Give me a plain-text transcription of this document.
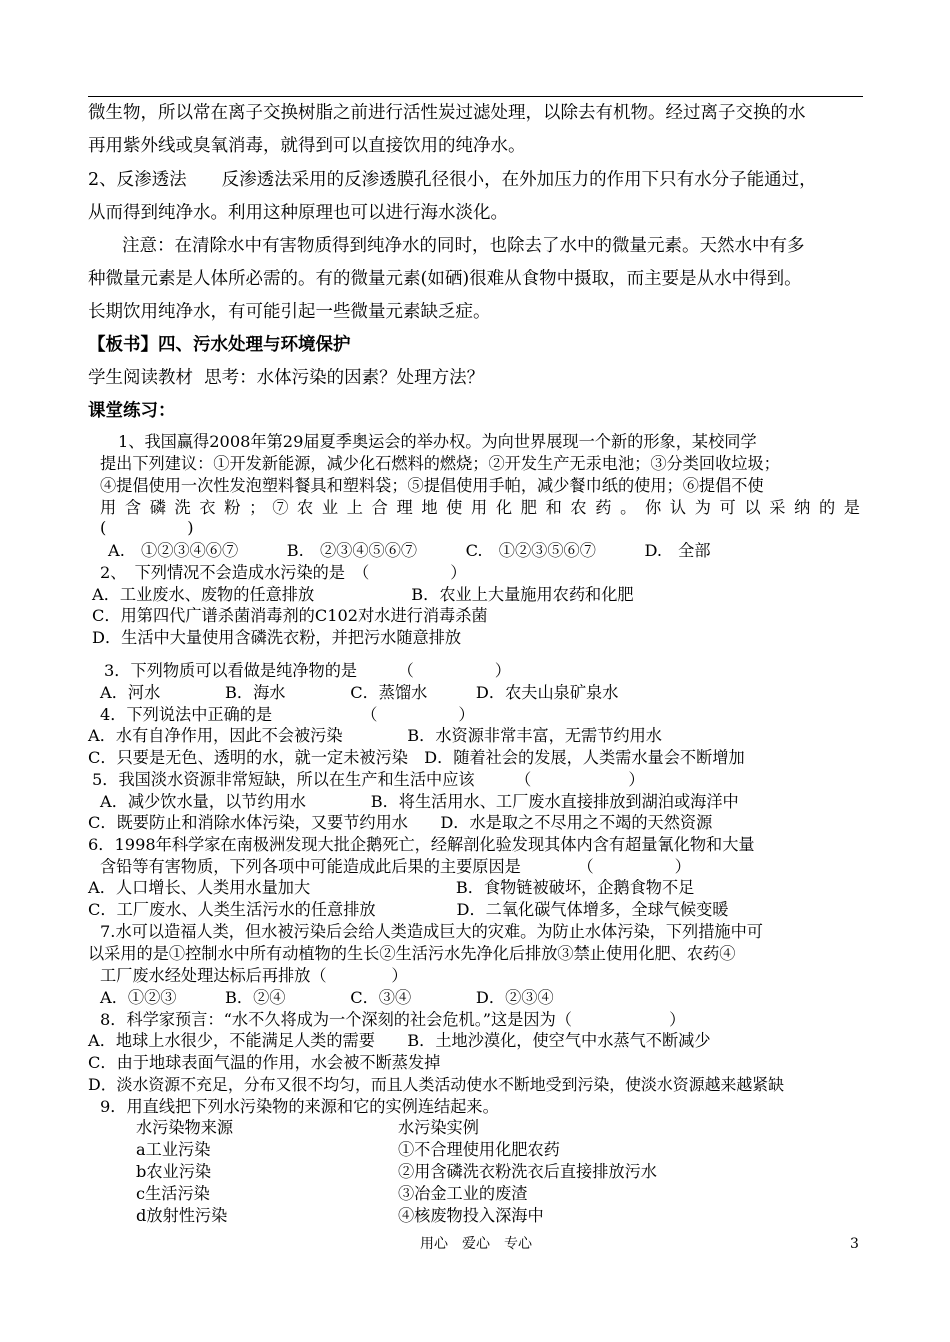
微生物，所以常在离子交换树脂之前进行活性炭过滤处理，以除去有机物。经过离子交换的水
再用紫外线或臭氧消毒，就得到可以直接饮用的纯净水。
2、反渗透法　　反渗透法采用的反渗透膜孔径很小，在外加压力的作用下只有水分子能通过，
从而得到纯净水。利用这种原理也可以进行海水淡化。
注意：在清除水中有害物质得到纯净水的同时，也除去了水中的微量元素。天然水中有多
种微量元素是人体所必需的。有的微量元素(如硒)很难从食物中摄取，而主要是从水中得到。
长期饮用纯净水，有可能引起一些微量元素缺乏症。
【板书】四、污水处理与环境保护
学生阅读教材  思考：水体污染的因素？处理方法？
课堂练习：
1、我国赢得2008年第29届夏季奥运会的举办权。为向世界展现一个新的形象，某校同学
提出下列建议：①开发新能源，减少化石燃料的燃烧；②开发生产无汞电池；③分类回收垃圾；
④提倡使用一次性发泡塑料餐具和塑料袋；⑤提倡使用手帕，减少餐巾纸的使用；⑥提倡不使
用 含 磷 洗 衣 粉 ； ⑦ 农 业 上 合 理 地 使 用 化 肥 和 农 药 。 你 认 为 可 以 采 纳 的 是
(　　　　　)
A.　①②③④⑥⑦　　　B.　②③④⑤⑥⑦　　　C.　①②③⑤⑥⑦　　　D.　全部
2、　下列情况不会造成水污染的是　（　　　　　）
A．工业废水、废物的任意排放　　　　　　B．农业上大量施用农药和化肥
C．用第四代广谱杀菌消毒剂的C102对水进行消毒杀菌
D．生活中大量使用含磷洗衣粉，并把污水随意排放
3．下列物质可以看做是纯净物的是　　　（　　　　　）
A．河水　　　　B．海水　　　　C．蒸馏水　　　D．农夫山泉矿泉水
4．下列说法中正确的是　　　　　　（　　　　　）
A．水有自净作用，因此不会被污染　　　　B．水资源非常丰富，无需节约用水
C．只要是无色、透明的水，就一定未被污染　D．随着社会的发展，人类需水量会不断增加
5．我国淡水资源非常短缺，所以在生产和生活中应该　　　（　　　　　　）
A．减少饮水量，以节约用水　　　　B．将生活用水、工厂废水直接排放到湖泊或海洋中
C．既要防止和消除水体污染，又要节约用水　　D．水是取之不尽用之不竭的天然资源
6．1998年科学家在南极洲发现大批企鹅死亡，经解剖化验发现其体内含有超量氰化物和大量
含铅等有害物质，下列各项中可能造成此后果的主要原因是　　　　（　　　　　）
A．人口增长、人类用水量加大　　　　　　　　　B．食物链被破坏，企鹅食物不足
C．工厂废水、人类生活污水的任意排放　　　　　D．二氧化碳气体增多，全球气候变暖
7.水可以造福人类，但水被污染后会给人类造成巨大的灾难。为防止水体污染，下列措施中可
以采用的是①控制水中所有动植物的生长②生活污水先净化后排放③禁止使用化肥、农药④
工厂废水经处理达标后再排放（　　　　）
A．①②③　　　B．②④　　　　C．③④　　　　D．②③④
8．科学家预言：“水不久将成为一个深刻的社会危机。”这是因为（　　　　　　）
A．地球上水很少，不能满足人类的需要　　B．土地沙漠化，使空气中水蒸气不断减少
C．由于地球表面气温的作用，水会被不断蒸发掉
D．淡水资源不充足，分布又很不均匀，而且人类活动使水不断地受到污染，使淡水资源越来越紧缺
9．用直线把下列水污染物的来源和它的实例连结起来。
水污染物来源	水污染实例
a工业污染
b农业污染
c生活污染
d放射性污染
①不合理使用化肥农药
②用含磷洗衣粉洗衣后直接排放污水
③冶金工业的废渣
④核废物投入深海中
用心　爱心　专心	3
